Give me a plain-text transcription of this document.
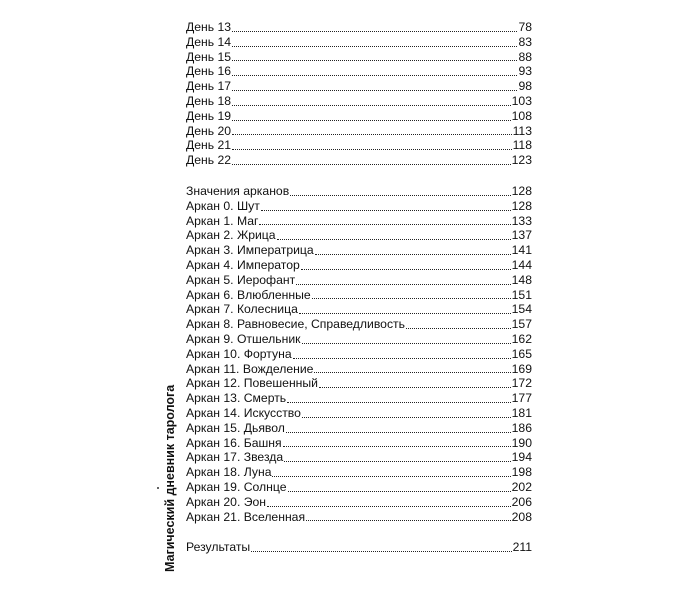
Магический дневник таролога
День 13	78
День 14	83
День 15	88
День 16	93
День 17	98
День 18	103
День 19	108
День 20	113
День 21	118
День 22	123
Значения арканов	128
Аркан 0. Шут	128
Аркан 1. Маг	133
Аркан 2. Жрица	137
Аркан 3. Императрица	141
Аркан 4. Император	144
Аркан 5. Иерофант	148
Аркан 6. Влюбленные	151
Аркан 7. Колесница	154
Аркан 8. Равновесие, Справедливость	157
Аркан 9. Отшельник	162
Аркан 10. Фортуна	165
Аркан 11. Вожделение	169
Аркан 12. Повешенный	172
Аркан 13. Смерть	177
Аркан 14. Искусство	181
Аркан 15. Дьявол	186
Аркан 16. Башня	190
Аркан 17. Звезда	194
Аркан 18. Луна	198
Аркан 19. Солнце	202
Аркан 20. Эон	206
Аркан 21. Вселенная	208
Результаты	211
